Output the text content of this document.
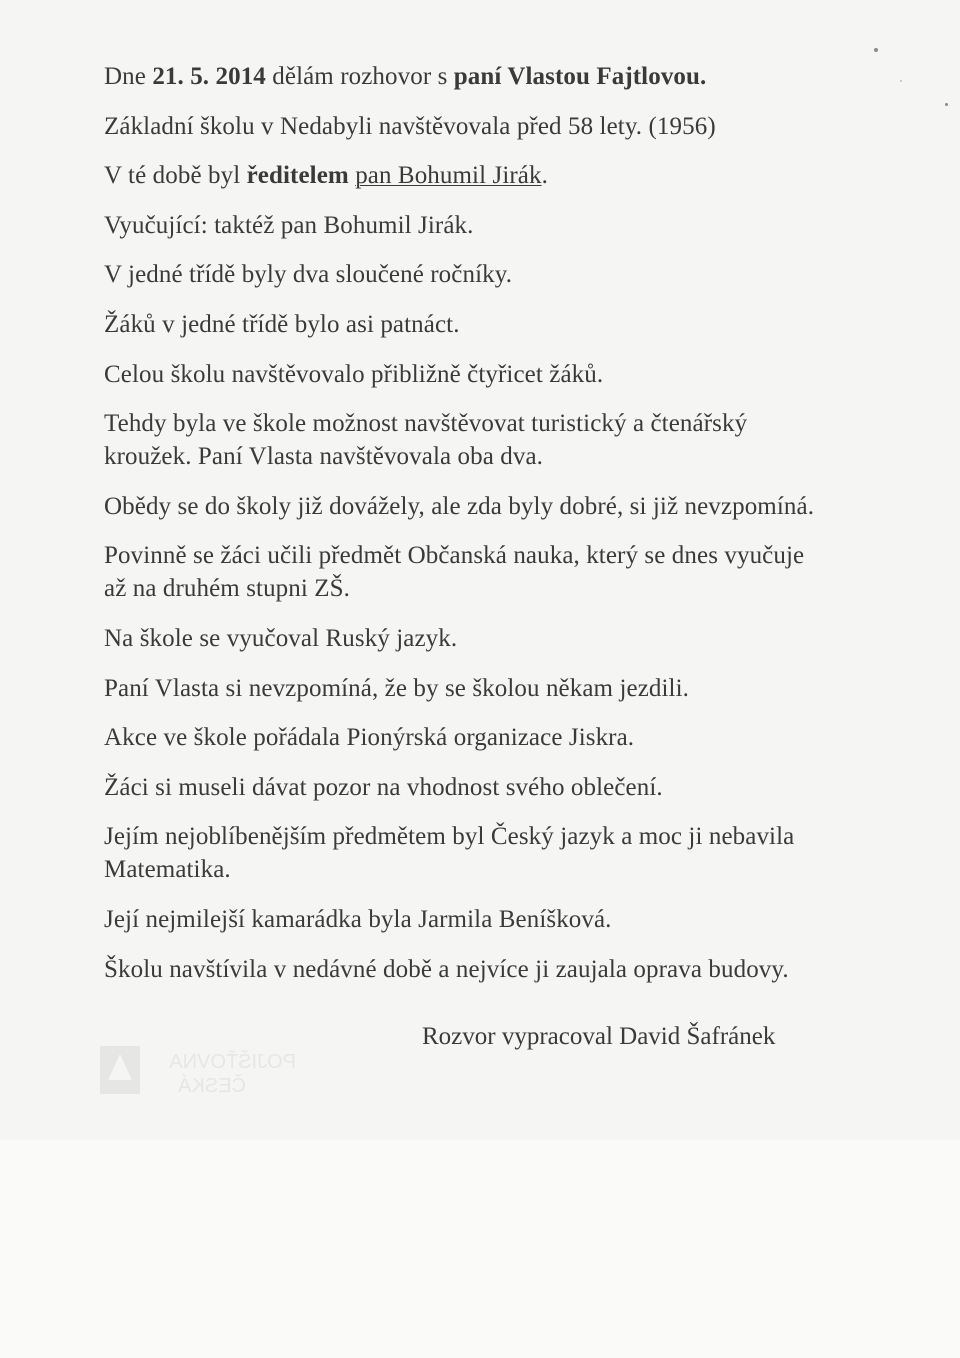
POJIŠŤOVNA
ČESKÁ

Dne 21. 5. 2014 dělám rozhovor s paní Vlastou Fajtlovou.

Základní školu v Nedabyli navštěvovala před 58 lety. (1956)

V té době byl ředitelem pan Bohumil Jirák.

Vyučující: taktéž pan Bohumil Jirák.

V jedné třídě byly dva sloučené ročníky.

Žáků v jedné třídě bylo asi patnáct.

Celou školu navštěvovalo přibližně čtyřicet žáků.

Tehdy byla ve škole možnost navštěvovat turistický a čtenářský kroužek. Paní Vlasta navštěvovala oba dva.

Obědy se do školy již dovážely, ale zda byly dobré, si již nevzpomíná.

Povinně se žáci učili předmět Občanská nauka, který se dnes vyučuje až na druhém stupni ZŠ.

Na škole se vyučoval Ruský jazyk.

Paní Vlasta si nevzpomíná, že by se školou někam jezdili.

Akce ve škole pořádala Pionýrská organizace Jiskra.

Žáci si museli dávat pozor na vhodnost svého oblečení.

Jejím nejoblíbenějším předmětem byl Český jazyk a moc ji nebavila Matematika.

Její nejmilejší kamarádka byla Jarmila Beníšková.

Školu navštívila v nedávné době a nejvíce ji zaujala oprava budovy.

Rozvor vypracoval David Šafránek
